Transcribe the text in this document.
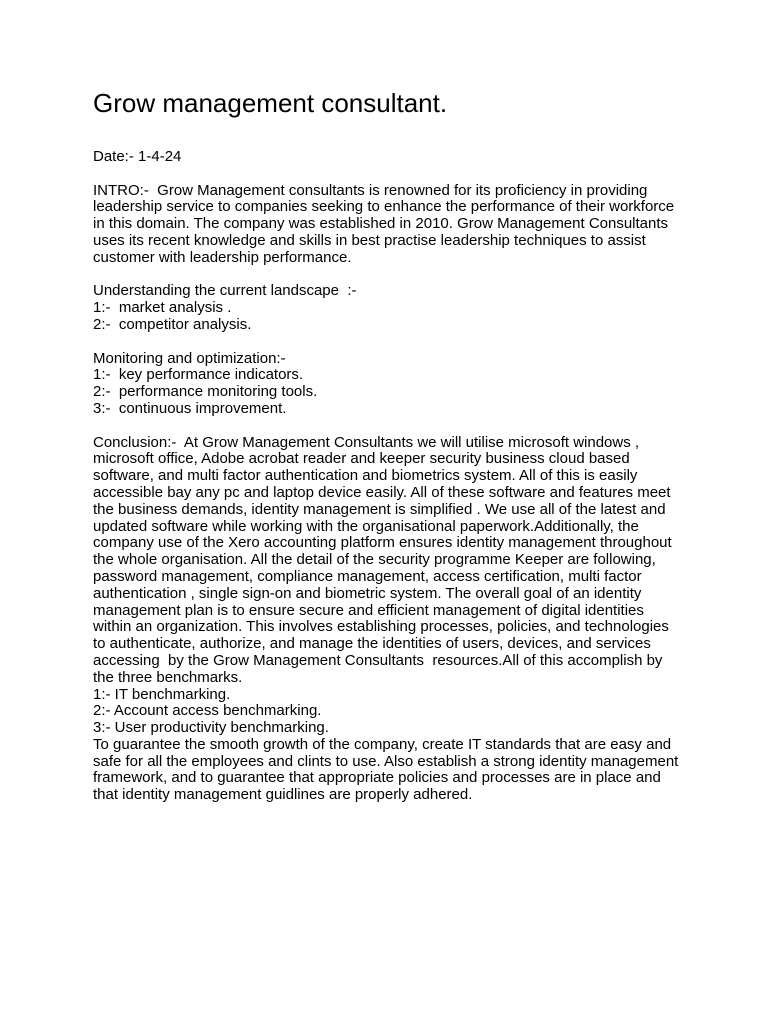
Grow management consultant.

Date:- 1-4-24

INTRO:-  Grow Management consultants is renowned for its proficiency in providing leadership service to companies seeking to enhance the performance of their workforce in this domain. The company was established in 2010. Grow Management Consultants uses its recent knowledge and skills in best practise leadership techniques to assist customer with leadership performance.

Understanding the current landscape  :-
1:-  market analysis .
2:-  competitor analysis.
Monitoring and optimization:-
1:-  key performance indicators.
2:-  performance monitoring tools.
3:-  continuous improvement.

Conclusion:-  At Grow Management Consultants we will utilise microsoft windows , microsoft office, Adobe acrobat reader and keeper security business cloud based software, and multi factor authentication and biometrics system. All of this is easily accessible bay any pc and laptop device easily. All of these software and features meet the business demands, identity management is simplified . We use all of the latest and updated software while working with the organisational paperwork.Additionally, the company use of the Xero accounting platform ensures identity management throughout the whole organisation. All the detail of the security programme Keeper are following, password management, compliance management, access certification, multi factor authentication , single sign-on and biometric system. The overall goal of an identity management plan is to ensure secure and efficient management of digital identities within an organization. This involves establishing processes, policies, and technologies to authenticate, authorize, and manage the identities of users, devices, and services accessing  by the Grow Management Consultants  resources.All of this accomplish by the three benchmarks.

1:- IT benchmarking.
2:- Account access benchmarking.
3:- User productivity benchmarking.

To guarantee the smooth growth of the company, create IT standards that are easy and safe for all the employees and clints to use. Also establish a strong identity management framework, and to guarantee that appropriate policies and processes are in place and that identity management guidlines are properly adhered.
